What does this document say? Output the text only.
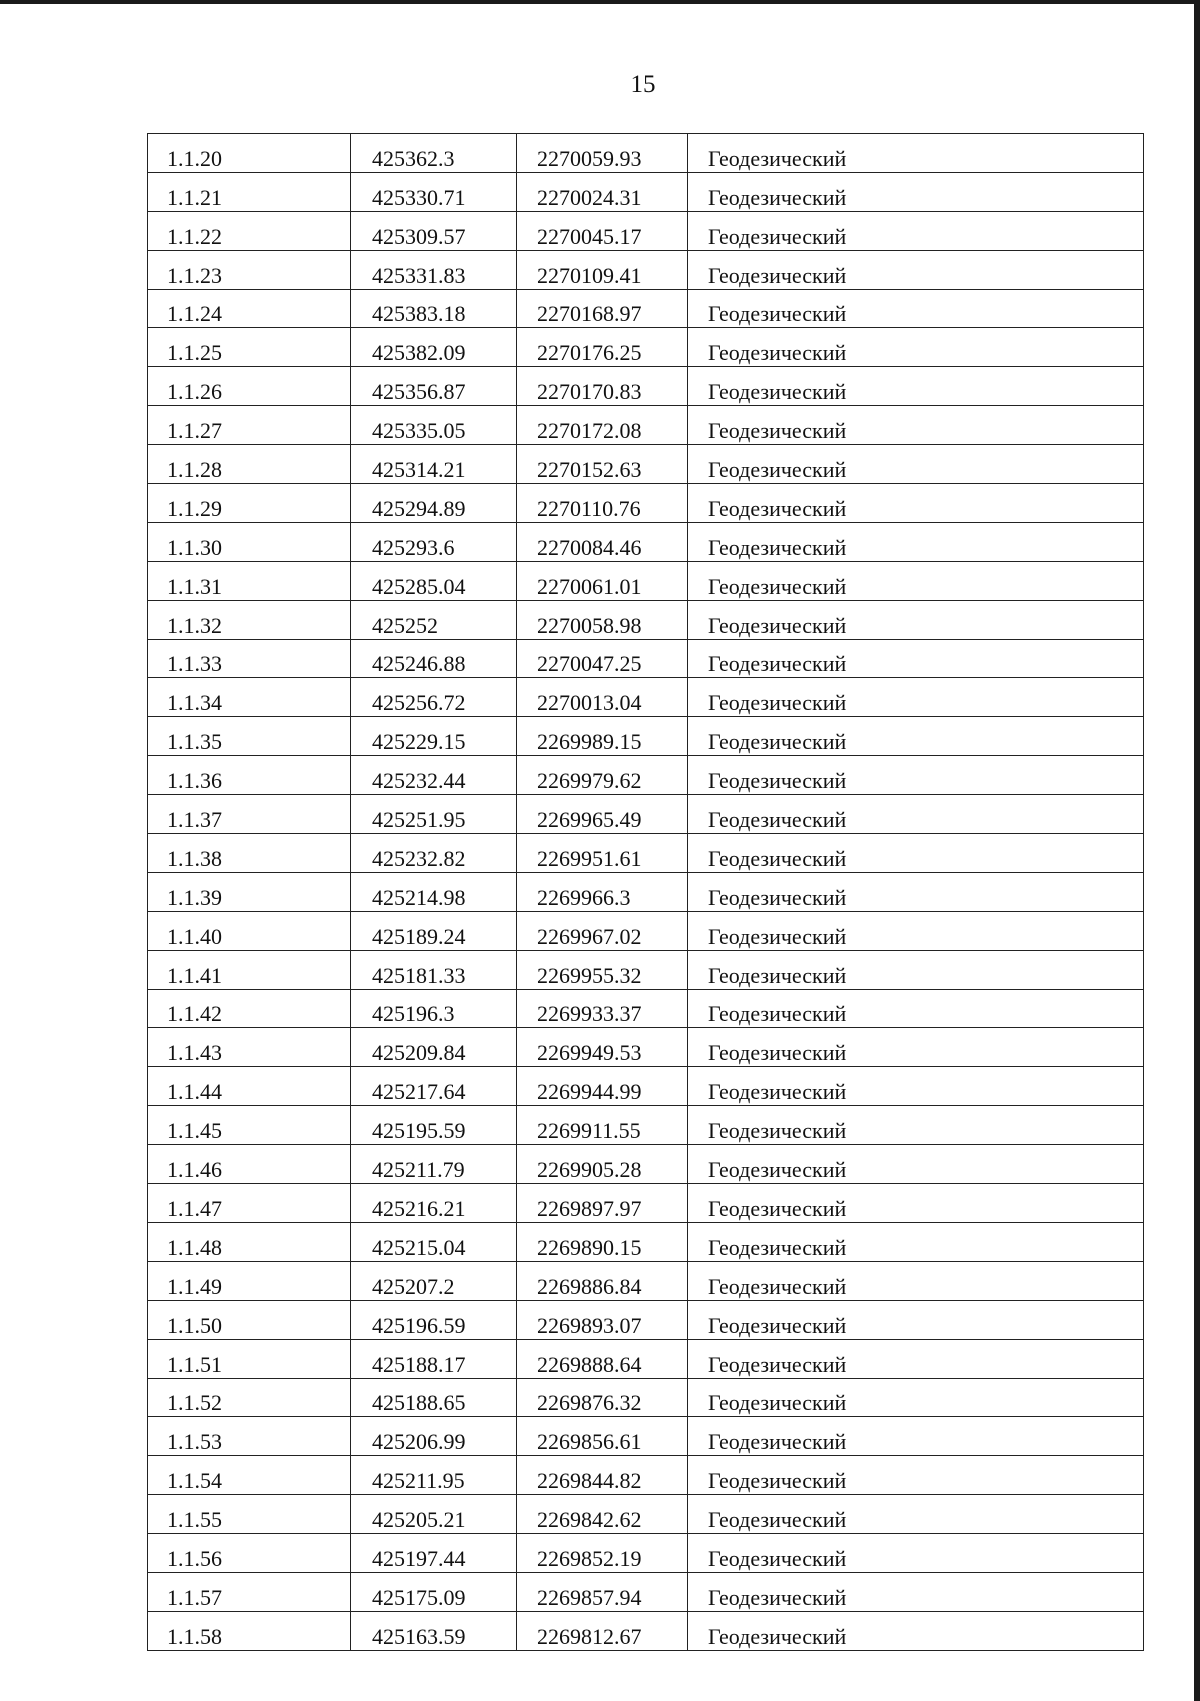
15
1.1.20	425362.3	2270059.93	Геодезический
1.1.21	425330.71	2270024.31	Геодезический
1.1.22	425309.57	2270045.17	Геодезический
1.1.23	425331.83	2270109.41	Геодезический
1.1.24	425383.18	2270168.97	Геодезический
1.1.25	425382.09	2270176.25	Геодезический
1.1.26	425356.87	2270170.83	Геодезический
1.1.27	425335.05	2270172.08	Геодезический
1.1.28	425314.21	2270152.63	Геодезический
1.1.29	425294.89	2270110.76	Геодезический
1.1.30	425293.6	2270084.46	Геодезический
1.1.31	425285.04	2270061.01	Геодезический
1.1.32	425252	2270058.98	Геодезический
1.1.33	425246.88	2270047.25	Геодезический
1.1.34	425256.72	2270013.04	Геодезический
1.1.35	425229.15	2269989.15	Геодезический
1.1.36	425232.44	2269979.62	Геодезический
1.1.37	425251.95	2269965.49	Геодезический
1.1.38	425232.82	2269951.61	Геодезический
1.1.39	425214.98	2269966.3	Геодезический
1.1.40	425189.24	2269967.02	Геодезический
1.1.41	425181.33	2269955.32	Геодезический
1.1.42	425196.3	2269933.37	Геодезический
1.1.43	425209.84	2269949.53	Геодезический
1.1.44	425217.64	2269944.99	Геодезический
1.1.45	425195.59	2269911.55	Геодезический
1.1.46	425211.79	2269905.28	Геодезический
1.1.47	425216.21	2269897.97	Геодезический
1.1.48	425215.04	2269890.15	Геодезический
1.1.49	425207.2	2269886.84	Геодезический
1.1.50	425196.59	2269893.07	Геодезический
1.1.51	425188.17	2269888.64	Геодезический
1.1.52	425188.65	2269876.32	Геодезический
1.1.53	425206.99	2269856.61	Геодезический
1.1.54	425211.95	2269844.82	Геодезический
1.1.55	425205.21	2269842.62	Геодезический
1.1.56	425197.44	2269852.19	Геодезический
1.1.57	425175.09	2269857.94	Геодезический
1.1.58	425163.59	2269812.67	Геодезический
